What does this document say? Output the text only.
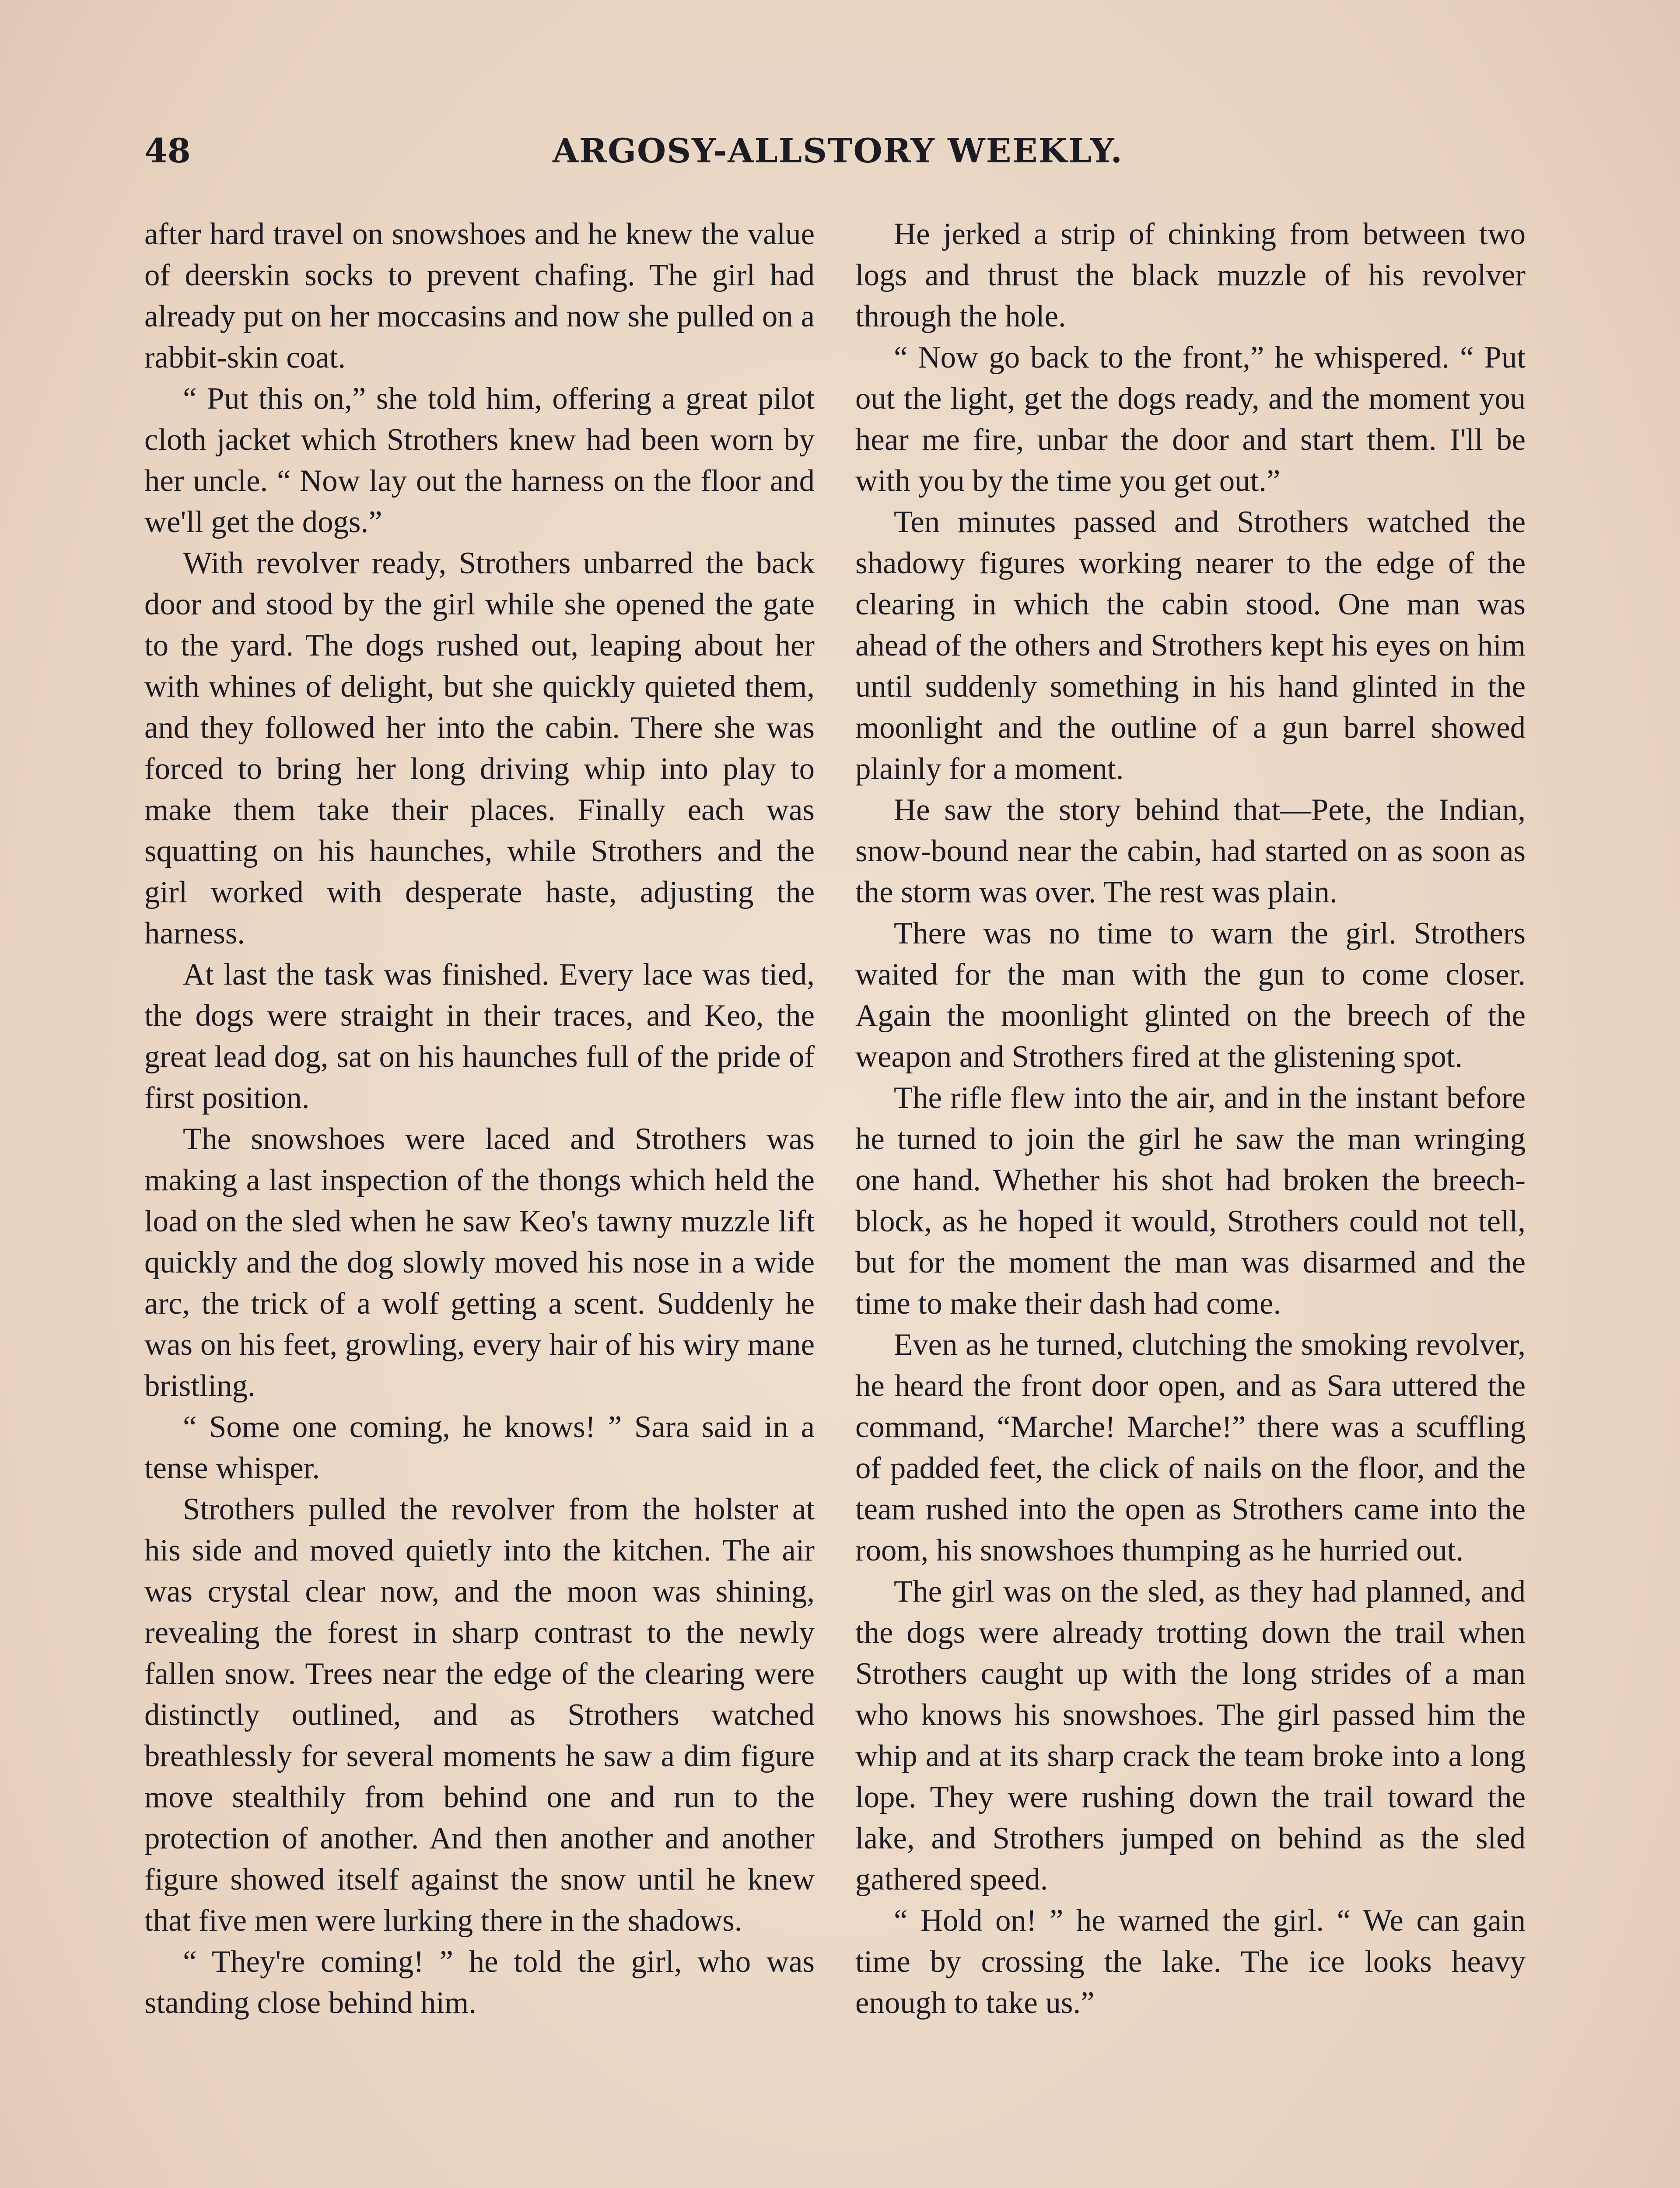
48	ARGOSY-ALLSTORY WEEKLY.

after hard travel on snowshoes and he knew the value of deerskin socks to prevent chafing. The girl had already put on her moccasins and now she pulled on a rabbit-skin coat.

“ Put this on,” she told him, offering a great pilot cloth jacket which Strothers knew had been worn by her uncle. “ Now lay out the harness on the floor and we'll get the dogs.”

With revolver ready, Strothers unbarred the back door and stood by the girl while she opened the gate to the yard. The dogs rushed out, leaping about her with whines of delight, but she quickly quieted them, and they followed her into the cabin. There she was forced to bring her long driving whip into play to make them take their places. Finally each was squatting on his haunches, while Strothers and the girl worked with desperate haste, adjusting the harness.

At last the task was finished. Every lace was tied, the dogs were straight in their traces, and Keo, the great lead dog, sat on his haunches full of the pride of first position.

The snowshoes were laced and Strothers was making a last inspection of the thongs which held the load on the sled when he saw Keo's tawny muzzle lift quickly and the dog slowly moved his nose in a wide arc, the trick of a wolf getting a scent. Suddenly he was on his feet, growling, every hair of his wiry mane bristling.

“ Some one coming, he knows! ” Sara said in a tense whisper.

Strothers pulled the revolver from the holster at his side and moved quietly into the kitchen. The air was crystal clear now, and the moon was shining, revealing the forest in sharp contrast to the newly fallen snow. Trees near the edge of the clearing were distinctly outlined, and as Strothers watched breathlessly for several moments he saw a dim figure move stealthily from behind one and run to the protection of another. And then another and another figure showed itself against the snow until he knew that five men were lurking there in the shadows.

“ They're coming! ” he told the girl, who was standing close behind him.

He jerked a strip of chinking from between two logs and thrust the black muzzle of his revolver through the hole.

“ Now go back to the front,” he whispered. “ Put out the light, get the dogs ready, and the moment you hear me fire, unbar the door and start them. I'll be with you by the time you get out.”

Ten minutes passed and Strothers watched the shadowy figures working nearer to the edge of the clearing in which the cabin stood. One man was ahead of the others and Strothers kept his eyes on him until suddenly something in his hand glinted in the moonlight and the outline of a gun barrel showed plainly for a moment.

He saw the story behind that—Pete, the Indian, snow-bound near the cabin, had started on as soon as the storm was over. The rest was plain.

There was no time to warn the girl. Strothers waited for the man with the gun to come closer. Again the moonlight glinted on the breech of the weapon and Strothers fired at the glistening spot.

The rifle flew into the air, and in the instant before he turned to join the girl he saw the man wringing one hand. Whether his shot had broken the breech-block, as he hoped it would, Strothers could not tell, but for the moment the man was disarmed and the time to make their dash had come.

Even as he turned, clutching the smoking revolver, he heard the front door open, and as Sara uttered the command, “Marche! Marche!” there was a scuffling of padded feet, the click of nails on the floor, and the team rushed into the open as Strothers came into the room, his snowshoes thumping as he hurried out.

The girl was on the sled, as they had planned, and the dogs were already trotting down the trail when Strothers caught up with the long strides of a man who knows his snowshoes. The girl passed him the whip and at its sharp crack the team broke into a long lope. They were rushing down the trail toward the lake, and Strothers jumped on behind as the sled gathered speed.

“ Hold on! ” he warned the girl. “ We can gain time by crossing the lake. The ice looks heavy enough to take us.”
